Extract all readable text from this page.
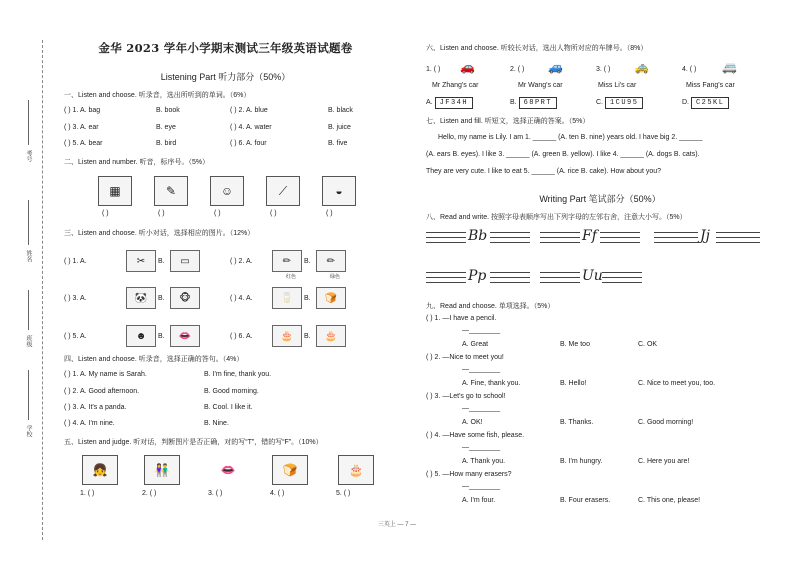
考号
姓名
班级
学校
金华 2023 学年小学期末测试三年级英语试题卷
Listening Part 听力部分（50%）
一、Listen and choose. 听录音，选出所听到的单词。（6%）
( ) 1. A. bag	B. book	( ) 2. A. blue	B. black
( ) 3. A. ear	B. eye	( ) 4. A. water	B. juice
( ) 5. A. bear	B. bird	( ) 6. A. four	B. five
二、Listen and number. 听音，标序号。（5%）
▦	✎	☺	⟋	◒
( )	( )	( )	( )	( )
三、Listen and choose. 听小对话，选择相应的图片。（12%）
( ) 1. A.	✂	B.	▭	( ) 2. A.	✏	B.	✏
红色	绿色
( ) 3. A.	🐼	B.	🐵	( ) 4. A.	🥛	B.	🍞
( ) 5. A.	☻	B.	👄	( ) 6. A.	🎂	B.	🎂
四、Listen and choose. 听录音，选择正确的答句。（4%）
( ) 1. A. My name is Sarah.	B. I'm fine, thank you.
( ) 2. A. Good afternoon.	B. Good morning.
( ) 3. A. It's a panda.	B. Cool. I like it.
( ) 4. A. I'm nine.	B. Nine.
五、Listen and judge. 听对话，判断图片是否正确，对的写“T”，错的写“F”。（10%）
👧	👫	👄	🍞	🎂
1. ( )	2. ( )	3. ( )	4. ( )	5. ( )
六、Listen and choose. 听较长对话，选出人物所对应的车牌号。（8%）
1. ( ) 🚗	2. ( ) 🚙	3. ( ) 🚕	4. ( ) 🚐
Mr Zhang's car	Mr Wang's car	Miss Li's car	Miss Fang's car
A. JF34H	B. 68PRT	C. 1CU95	D. C25KL
七、Listen and fill. 听短文，选择正确的答案。（5%）
Hello, my name is Lily. I am 1. ______ (A. ten B. nine) years old. I have big 2. ______
(A. ears B. eyes). I like 3. ______ (A. green B. yellow). I like 4. ______ (A. dogs B. cats).
They are very cute. I like to eat 5. ______ (A. rice B. cake). How about you?
Writing Part 笔试部分（50%）
八、Read and write. 按照字母表顺序写出下列字母的左邻右舍，注意大小写。（5%）
Bb	Ff	Jj
Pp	Uu
九、Read and choose. 单项选择。（5%）
( ) 1. —I have a pencil.
—________
A. Great	B. Me too	C. OK
( ) 2. —Nice to meet you!
—________
A. Fine, thank you.	B. Hello!	C. Nice to meet you, too.
( ) 3. —Let's go to school!
—________
A. OK!	B. Thanks.	C. Good morning!
( ) 4. —Have some fish, please.
—________
A. Thank you.	B. I'm hungry.	C. Here you are!
( ) 5. —How many erasers?
—________
A. I'm four.	B. Four erasers.	C. This one, please!
三英上 — 7 —
